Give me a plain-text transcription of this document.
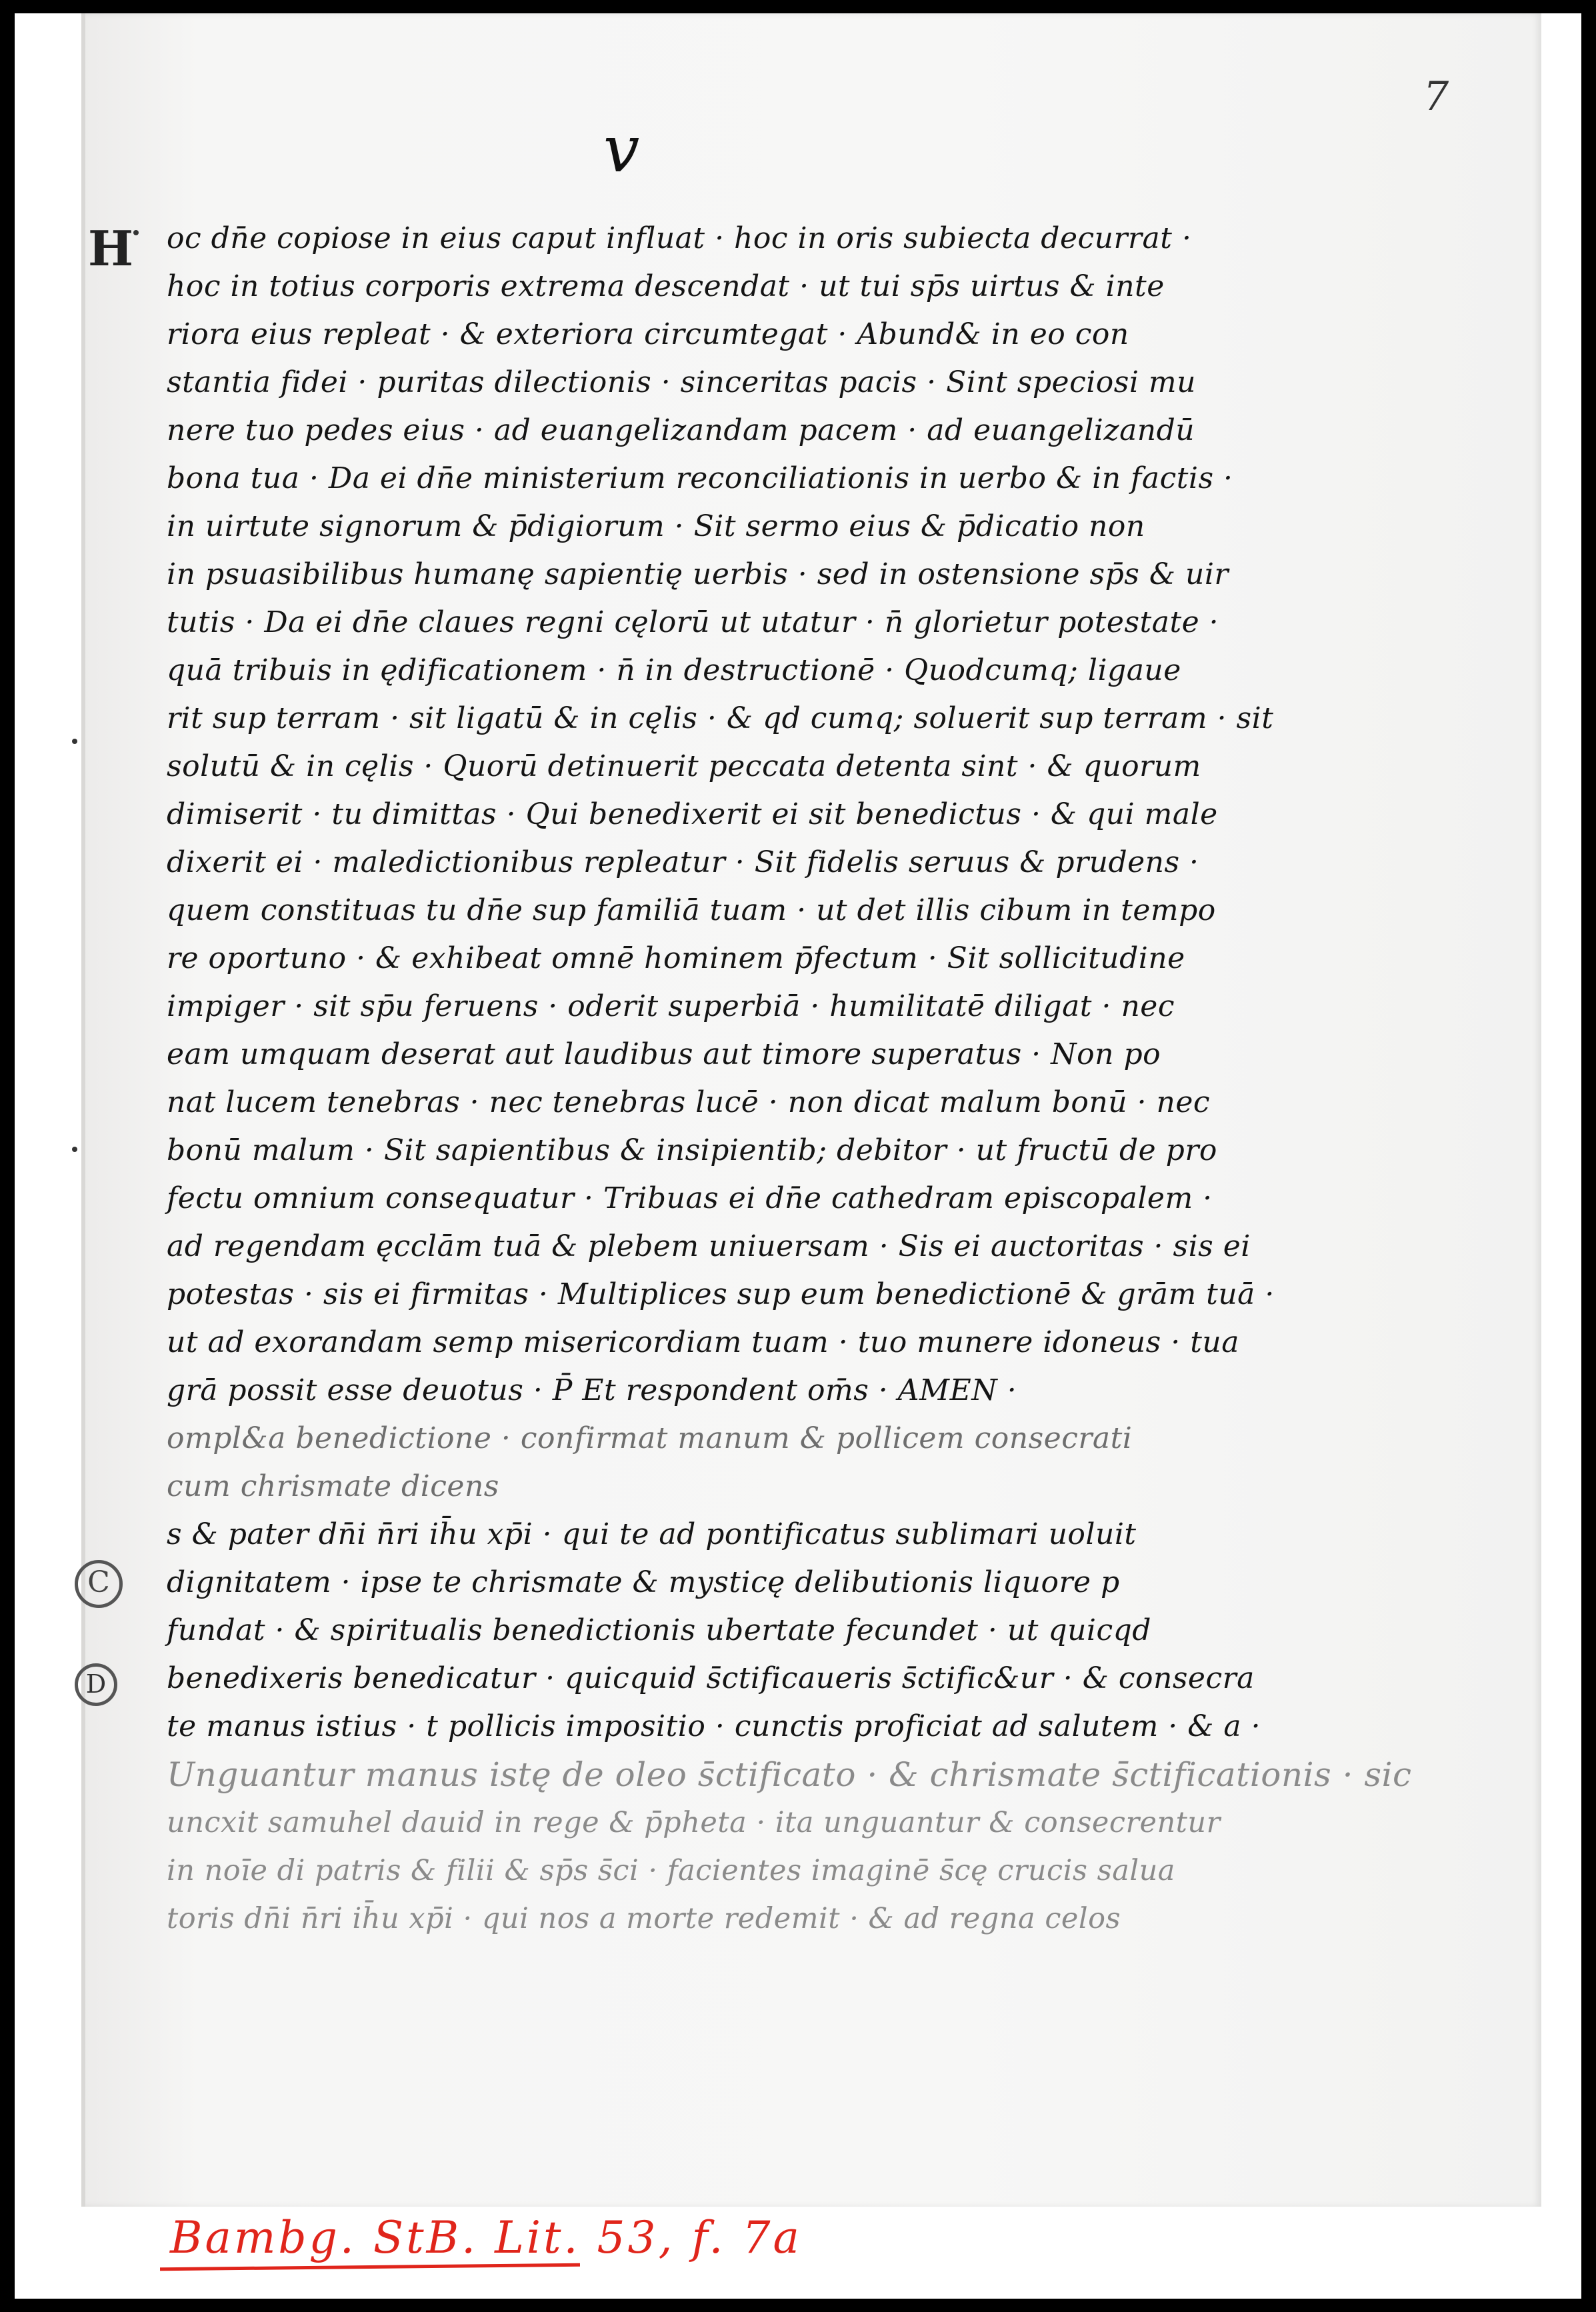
7
v
H
C
D
oc dn̄e copiose in eius caput influat · hoc in oris subiecta decurrat ·
hoc in totius corporis extrema descendat · ut tui sp̄s uirtus & inte
riora eius repleat · & exteriora circumtegat · Abund& in eo con
stantia fidei · puritas dilectionis · sinceritas pacis · Sint speciosi mu
nere tuo pedes eius · ad euangelizandam pacem · ad euangelizandū
bona tua · Da ei dn̄e ministerium reconciliationis in uerbo & in factis ·
in uirtute signorum & p̄digiorum · Sit sermo eius & p̄dicatio non
in psuasibilibus humanę sapientię uerbis · sed in ostensione sp̄s & uir
tutis · Da ei dn̄e claues regni cęlorū ut utatur · n̄ glorietur potestate ·
quā tribuis in ędificationem · n̄ in destructionē · Quodcumq; ligaue
rit sup terram · sit ligatū & in cęlis · & qd cumq; soluerit sup terram · sit
solutū & in cęlis · Quorū detinuerit peccata detenta sint · & quorum
dimiserit · tu dimittas · Qui benedixerit ei sit benedictus · & qui male
dixerit ei · maledictionibus repleatur · Sit fidelis seruus & prudens ·
quem constituas tu dn̄e sup familiā tuam · ut det illis cibum in tempo
re oportuno · & exhibeat omnē hominem p̄fectum · Sit sollicitudine
impiger · sit sp̄u feruens · oderit superbiā · humilitatē diligat · nec
eam umquam deserat aut laudibus aut timore superatus · Non po
nat lucem tenebras · nec tenebras lucē · non dicat malum bonū · nec
bonū malum · Sit sapientibus & insipientib; debitor · ut fructū de pro
fectu omnium consequatur · Tribuas ei dn̄e cathedram episcopalem ·
ad regendam ęcclām tuā & plebem uniuersam · Sis ei auctoritas · sis ei
potestas · sis ei firmitas · Multiplices sup eum benedictionē & grām tuā ·
ut ad exorandam semp misericordiam tuam · tuo munere idoneus · tua
grā possit esse deuotus · P̄ Et respondent om̄s · AMEN ·
ompl&a benedictione · confirmat manum & pollicem consecrati
cum chrismate dicens
s & pater dn̄i n̄ri ih̄u xp̄i · qui te ad pontificatus sublimari uoluit
dignitatem · ipse te chrismate & mysticę delibutionis liquore p
fundat · & spiritualis benedictionis ubertate fecundet · ut quicqd
benedixeris benedicatur · quicquid s̄ctificaueris s̄ctific&ur · & consecra
te manus istius · t pollicis impositio · cunctis proficiat ad salutem · & a ·
Unguantur manus istę de oleo s̄ctificato · & chrismate s̄ctificationis · sic
uncxit samuhel dauid in rege & p̄pheta · ita unguantur & consecrentur
in noīe di patris & filii & sp̄s s̄ci · facientes imaginē s̄cę crucis salua
toris dn̄i n̄ri ih̄u xp̄i · qui nos a morte redemit · & ad regna celos
Bambg. StB. Lit. 53, f. 7a
